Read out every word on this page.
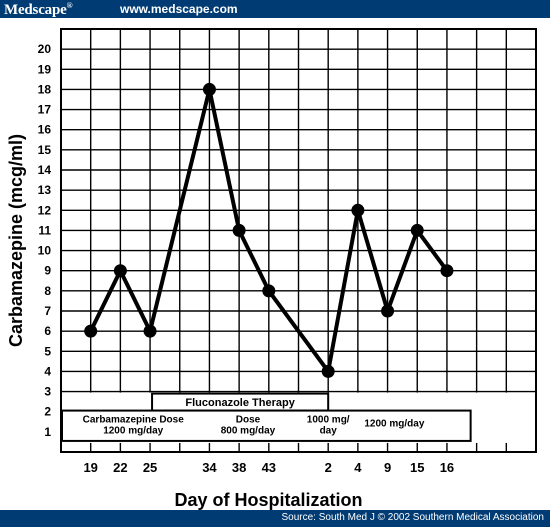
Medscape®	www.medscape.com
1
2
3
4
5
6
7
8
9
10
11
12
13
14
15
16
17
18
19
20
19 22 25	34 38 43	2 4 9 15 16
Day of Hospitalization
Carbamazepine (mcg/ml)
Fluconazole Therapy
Carbamazepine Dose
1200 mg/day
Dose
800 mg/day
1000 mg/
day
1200 mg/day
Source: South Med J © 2002 Southern Medical Association
